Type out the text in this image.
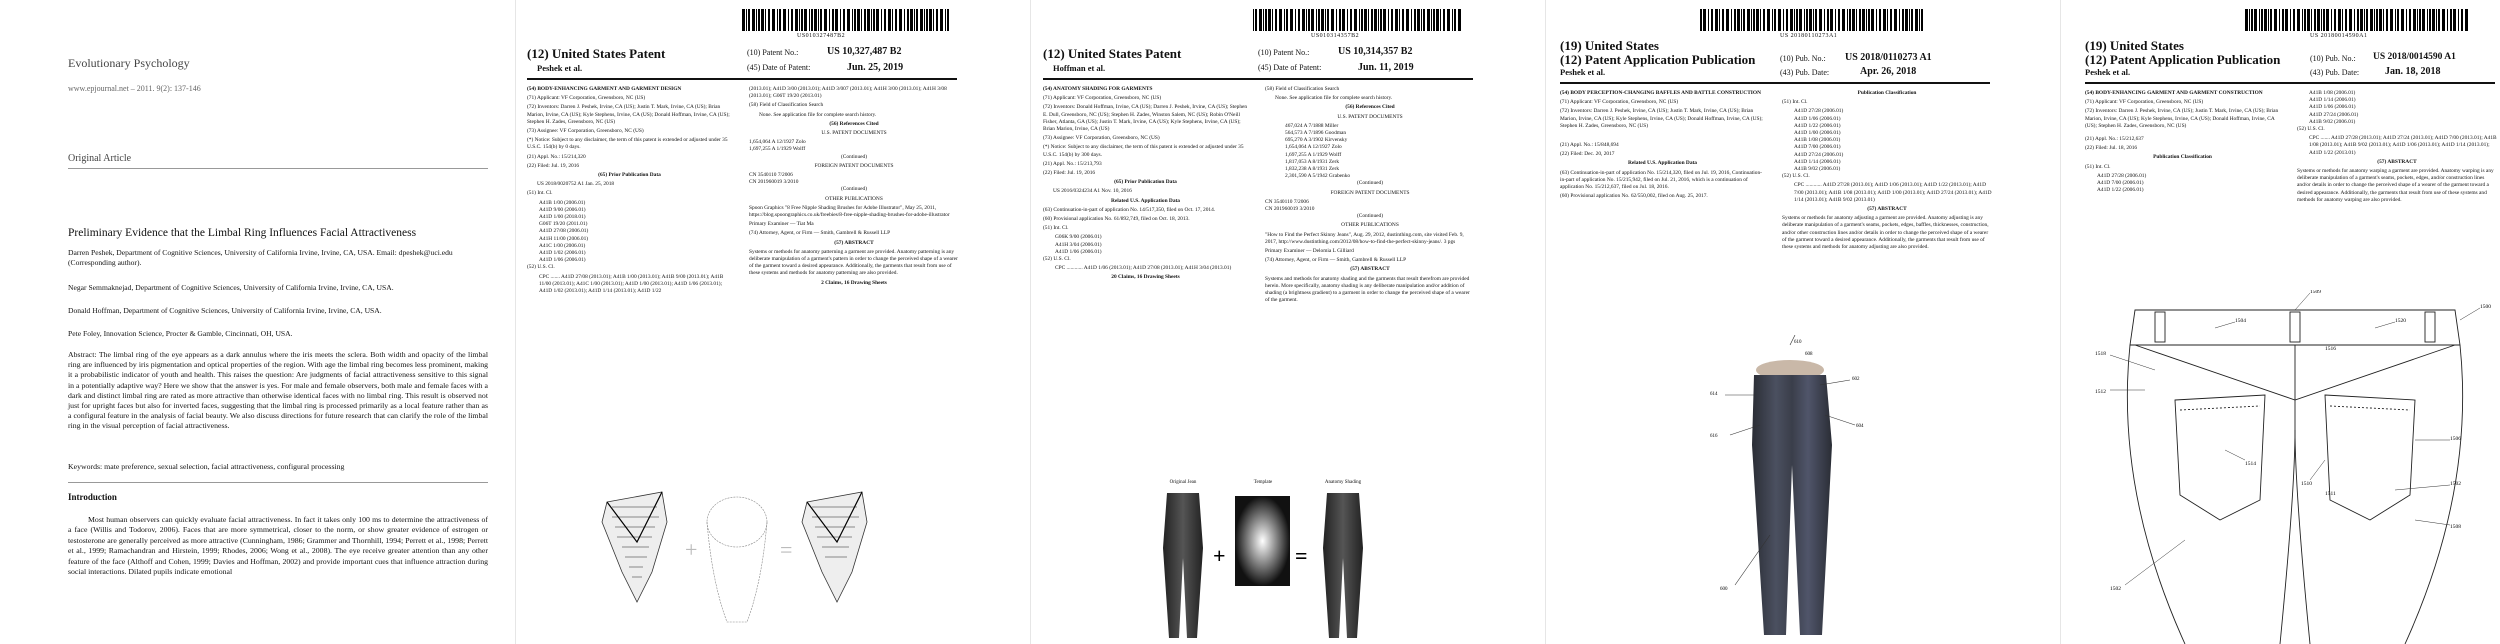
Evolutionary Psychology
www.epjournal.net – 2011. 9(2): 137-146
Original Article
Preliminary Evidence that the Limbal Ring Influences Facial Attractiveness
Darren Peshek, Department of Cognitive Sciences, University of California Irvine, Irvine, CA, USA. Email: dpeshek@uci.edu (Corresponding author).
Negar Semmaknejad, Department of Cognitive Sciences, University of California Irvine, Irvine, CA, USA.
Donald Hoffman, Department of Cognitive Sciences, University of California Irvine, Irvine, CA, USA.
Pete Foley, Innovation Science, Procter & Gamble, Cincinnati, OH, USA.
Abstract: The limbal ring of the eye appears as a dark annulus where the iris meets the sclera. Both width and opacity of the limbal ring are influenced by iris pigmentation and optical properties of the region. With age the limbal ring becomes less prominent, making it a probabilistic indicator of youth and health. This raises the question: Are judgments of facial attractiveness sensitive to this signal in a potentially adaptive way? Here we show that the answer is yes. For male and female observers, both male and female faces with a dark and distinct limbal ring are rated as more attractive than otherwise identical faces with no limbal ring. This result is observed not just for upright faces but also for inverted faces, suggesting that the limbal ring is processed primarily as a local feature rather than as a configural feature in the analysis of facial beauty. We also discuss directions for future research that can clarify the role of the limbal ring in the visual perception of facial attractiveness.
Keywords: mate preference, sexual selection, facial attractiveness, configural processing
Introduction
Most human observers can quickly evaluate facial attractiveness. In fact it takes only 100 ms to determine the attractiveness of a face (Willis and Todorov, 2006). Faces that are more symmetrical, closer to the norm, or show greater evidence of estrogen or testosterone are generally perceived as more attractive (Cunningham, 1986; Grammer and Thornhill, 1994; Perrett et al., 1998; Perrett et al., 1999; Ramachandran and Hirstein, 1999; Rhodes, 2006; Wong et al., 2008). The eye receive greater attention than any other feature of the face (Althoff and Cohen, 1999; Davies and Hoffman, 2002) and provide important cues that influence attraction during social interactions. Dilated pupils indicate emotional
US010327487B2
(12) United States Patent
Peshek et al.
(10) Patent No.:	US 10,327,487 B2
(45) Date of Patent:	Jun. 25, 2019

(54) BODY-ENHANCING GARMENT AND GARMENT DESIGN

(71) Applicant: VF Corporation, Greensboro, NC (US)

(72) Inventors: Darren J. Peshek, Irvine, CA (US); Justin T. Mark, Irvine, CA (US); Brian Marion, Irvine, CA (US); Kyle Stephens, Irvine, CA (US); Donald Hoffman, Irvine, CA (US); Stephen H. Zades, Greensboro, NC (US)

(73) Assignee: VF Corporation, Greensboro, NC (US)

(*) Notice: Subject to any disclaimer, the term of this patent is extended or adjusted under 35 U.S.C. 154(b) by 0 days.

(21) Appl. No.: 15/214,320

(22) Filed: Jul. 19, 2016

(65) Prior Publication Data

US 2018/0020752 A1 Jan. 25, 2018

(51) Int. Cl.

A41B 1/00 (2006.01)
A41D 9/00 (2006.01)
A41D 1/00 (2018.01)
G06T 19/20 (2011.01)
A41D 27/08 (2006.01)
A41H 11/00 (2006.01)
A41C 1/00 (2006.01)
A41D 1/02 (2006.01)
A41D 1/06 (2006.01)

(52) U.S. Cl.

CPC ....... A41D 27/08 (2013.01); A41B 1/00 (2013.01); A41B 9/00 (2013.01); A41B 11/00 (2013.01); A41C 1/00 (2013.01); A41D 1/00 (2013.01); A41D 1/06 (2013.01); A41D 1/02 (2013.01); A41D 1/14 (2013.01); A41D 1/22

(2013.01); A41D 3/00 (2013.01); A41D 3/007 (2013.01); A41H 3/00 (2013.01); A41H 3/08 (2013.01); G06T 19/20 (2013.01)

(58) Field of Classification Search

None. See application file for complete search history.

(56) References Cited

U.S. PATENT DOCUMENTS

1,654,064 A 12/1927 Zolo
1,697,255 A 1/1929 Wolff

(Continued)

FOREIGN PATENT DOCUMENTS

CN 3540110 7/2006
CN 201960019 3/2010

(Continued)

OTHER PUBLICATIONS

Spoon Graphics "8 Free Nipple Shading Brushes for Adobe Illustrator", May 25, 2011, https://blog.spoongraphics.co.uk/freebies/8-free-nipple-shading-brushes-for-adobe-illustrator

Primary Examiner — Tiat Ma

(74) Attorney, Agent, or Firm — Smith, Gambrell & Russell LLP

(57) ABSTRACT

Systems or methods for anatomy patterning a garment are provided. Anatomy patterning is any deliberate manipulation of a garment's pattern in order to change the perceived shape of a wearer of the garment toward a desired appearance. Additionally, the garments that result from use of these systems and methods for anatomy patterning are also provided.

2 Claims, 16 Drawing Sheets

+	=
US010314357B2
(12) United States Patent
Hoffman et al.
(10) Patent No.:	US 10,314,357 B2
(45) Date of Patent:	Jun. 11, 2019

(54) ANATOMY SHADING FOR GARMENTS

(71) Applicant: VF Corporation, Greensboro, NC (US)

(72) Inventors: Donald Hoffman, Irvine, CA (US); Darren J. Peshek, Irvine, CA (US); Stephen E. Dull, Greensboro, NC (US); Stephen H. Zades, Winston Salem, NC (US); Robin O'Neill Fisher, Atlanta, GA (US); Justin T. Mark, Irvine, CA (US); Kyle Stephens, Irvine, CA (US); Brian Marion, Irvine, CA (US)

(73) Assignee: VF Corporation, Greensboro, NC (US)

(*) Notice: Subject to any disclaimer, the term of this patent is extended or adjusted under 35 U.S.C. 154(b) by 300 days.

(21) Appl. No.: 15/213,793

(22) Filed: Jul. 19, 2016

(65) Prior Publication Data

US 2016/0324234 A1 Nov. 10, 2016

Related U.S. Application Data

(63) Continuation-in-part of application No. 14/517,350, filed on Oct. 17, 2014.

(60) Provisional application No. 61/892,749, filed on Oct. 18, 2013.

(51) Int. Cl.

G06K 9/00 (2006.01)
A41H 3/04 (2006.01)
A41D 1/06 (2006.01)

(52) U.S. Cl.

CPC ............ A41D 1/06 (2013.01); A41D 27/08 (2013.01); A41H 3/04 (2013.01)

20 Claims, 16 Drawing Sheets

(58) Field of Classification Search

None. See application file for complete search history.

(56) References Cited

U.S. PATENT DOCUMENTS

467,024 A 7/1888 Miller
564,573 A 7/1896 Goodman
695,270 A 3/1902 Kirvensky
1,654,064 A 12/1927 Zolo
1,697,255 A 1/1929 Wolff
1,817,053 A 8/1931 Zerk
1,832,238 A 8/1931 Zerk
2,301,590 A 5/1942 Grabenko

(Continued)

FOREIGN PATENT DOCUMENTS

CN 3540110 7/2006
CN 201960019 3/2010

(Continued)

OTHER PUBLICATIONS

"How to Find the Perfect Skinny Jeans", Aug. 29, 2012, dustinthing.com, site visited Feb. 9, 2017, http://www.dustinthing.com/2012/08/how-to-find-the-perfect-skinny-jeans/. 3 pgs

Primary Examiner — Delomia L Gilliard

(74) Attorney, Agent, or Firm — Smith, Gambrell & Russell LLP

(57) ABSTRACT

Systems and methods for anatomy shading and the garments that result therefrom are provided herein. More specifically, anatomy shading is any deliberate manipulation and/or addition of shading (a brightness gradient) to a garment in order to change the perceived shape of a wearer of the garment.

Original Jean	Template	Anatomy Shading
+	=
US 20180110273A1
(19) United States
(12) Patent Application Publication
Peshek et al.
(10) Pub. No.: US 2018/0110273 A1
(43) Pub. Date:	Apr. 26, 2018

(54) BODY PERCEPTION-CHANGING BAFFLES AND BATTLE CONSTRUCTION

(71) Applicant: VF Corporation, Greensboro, NC (US)

(72) Inventors: Darren J. Peshek, Irvine, CA (US); Justin T. Mark, Irvine, CA (US); Brian Marion, Irvine, CA (US); Kyle Stephens, Irvine, CA (US); Donald Hoffman, Irvine, CA (US); Stephen H. Zades, Greensboro, NC (US)

(21) Appl. No.: 15/848,694

(22) Filed: Dec. 20, 2017

Related U.S. Application Data

(63) Continuation-in-part of application No. 15/214,320, filed on Jul. 19, 2016, Continuation-in-part of application No. 15/215,942, filed on Jul. 21, 2016, which is a continuation of application No. 15/212,637, filed on Jul. 18, 2016.

(60) Provisional application No. 62/550,002, filed on Aug. 25, 2017.

Publication Classification

(51) Int. Cl.

A41D 27/28 (2006.01)
A41D 1/06 (2006.01)
A41D 1/22 (2006.01)
A41D 1/00 (2006.01)
A41B 1/08 (2006.01)
A41D 7/00 (2006.01)
A41D 27/24 (2006.01)
A41D 1/14 (2006.01)
A41B 9/02 (2006.01)

(52) U.S. Cl.

CPC ............ A41D 27/28 (2013.01); A41D 1/06 (2013.01); A41D 1/22 (2013.01); A41D 7/00 (2013.01); A41B 1/08 (2013.01); A41D 1/00 (2013.01); A41D 27/24 (2013.01); A41D 1/14 (2013.01); A41B 9/02 (2013.01)

(57) ABSTRACT

Systems or methods for anatomy adjusting a garment are provided. Anatomy adjusting is any deliberate manipulation of a garment's seams, pockets, edges, baffles, thicknesses, construction, and/or other construction lines and/or details in order to change the perceived shape of a wearer of the garment toward a desired appearance. Additionally, the garments that result from use of these systems and methods for anatomy adjusting are also provided.

610
608
614
602
616
604
600
US 20180014590A1
(19) United States
(12) Patent Application Publication
Peshek et al.
(10) Pub. No.: US 2018/0014590 A1
(43) Pub. Date:	Jan. 18, 2018

(54) BODY-ENHANCING GARMENT AND GARMENT CONSTRUCTION

(71) Applicant: VF Corporation, Greensboro, NC (US)

(72) Inventors: Darren J. Peshek, Irvine, CA (US); Justin T. Mark, Irvine, CA (US); Brian Marion, Irvine, CA (US); Kyle Stephens, Irvine, CA (US); Donald Hoffman, Irvine, CA (US); Stephen H. Zades, Greensboro, NC (US)

(21) Appl. No.: 15/212,637

(22) Filed: Jul. 18, 2016

Publication Classification

(51) Int. Cl.

A41D 27/28 (2006.01)
A41D 7/00 (2006.01)
A41D 1/22 (2006.01)
A41B 1/08 (2006.01)
A41D 1/14 (2006.01)
A41D 1/06 (2006.01)
A41D 27/24 (2006.01)
A41B 9/02 (2006.01)

(52) U.S. Cl.

CPC ....... A41D 27/28 (2013.01); A41D 27/24 (2013.01); A41D 7/00 (2013.01); A41B 1/08 (2013.01); A41B 9/02 (2013.01); A41D 1/06 (2013.01); A41D 1/14 (2013.01); A41D 1/22 (2013.01)

(57) ABSTRACT

Systems or methods for anatomy warping a garment are provided. Anatomy warping is any deliberate manipulation of a garment's seams, pockets, edges, and/or construction lines and/or details in order to change the perceived shape of a wearer of the garment toward a desired appearance. Additionally, the garments that result from use of these systems and methods for anatomy warping are also provided.

1509
1500
1520
1504
1516
1518
1512
1506
1514
1502
1510
1508
1511
1502
